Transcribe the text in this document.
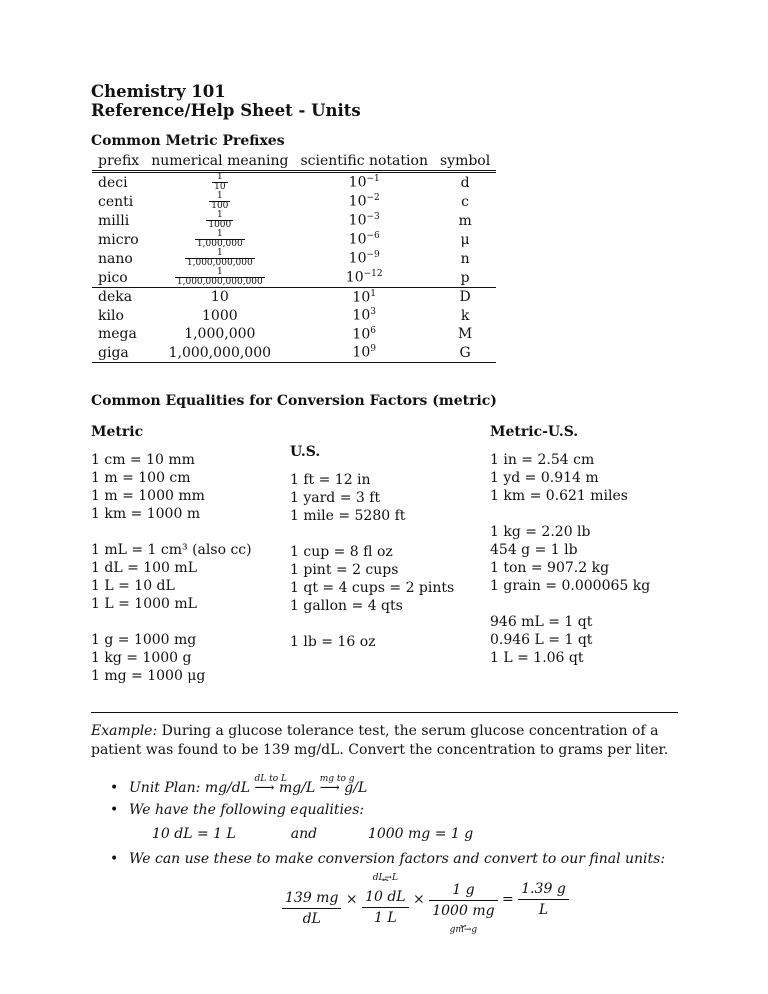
Chemistry 101
Reference/Help Sheet - Units
Common Metric Prefixes
prefix	numerical meaning	scientific notation	symbol
deci	$\frac{1}{10}$	$10^{-1}$	d
centi	$\frac{1}{100}$	$10^{-2}$	c
milli	$\frac{1}{1000}$	$10^{-3}$	m
micro	$\frac{1}{1,000,000}$	$10^{-6}$	μ
nano	$\frac{1}{1,000,000,000}$	$10^{-9}$	n
pico	$\frac{1}{1,000,000,000,000}$	$10^{-12}$	p
deka	10	$10^1$	D
kilo	1000	$10^3$	k
mega	1,000,000	$10^6$	M
giga	1,000,000,000	$10^9$	G
Common Equalities for Conversion Factors (metric)
Metric
1 cm = 10 mm
1 m = 100 cm
1 m = 1000 mm
1 km = 1000 m
1 mL = 1 cm³ (also cc)
1 dL = 100 mL
1 L = 10 dL
1 L = 1000 mL
1 g = 1000 mg
1 kg = 1000 g
1 mg = 1000 μg
U.S.
1 ft = 12 in
1 yard = 3 ft
1 mile = 5280 ft
1 cup = 8 fl oz
1 pint = 2 cups
1 qt = 4 cups = 2 pints
1 gallon = 4 qts
1 lb = 16 oz
Metric-U.S.
1 in = 2.54 cm
1 yd = 0.914 m
1 km = 0.621 miles
1 kg = 2.20 lb
454 g = 1 lb
1 ton = 907.2 kg
1 grain = 0.000065 kg
946 mL = 1 qt
0.946 L = 1 qt
1 L = 1.06 qt
Example: During a glucose tolerance test, the serum glucose concentration of a patient was found to be 139 mg/dL. Convert the concentration to grams per liter.
• Unit Plan: mg/dL
dL to L
⟶ mg/L
mg to g
⟶ g/L
• We have the following equalities:
10 dL = 1 L	and	1000 mg = 1 g
• We can use these to make conversion factors and convert to our final units:
$\frac{139 mg}{dL}$ ×
dL→L
⏞
$\frac{10 dL}{1 L} \times \frac{1 g}{1000 mg}$
⏟
gm→g
= $\frac{1.39 g}{L}$
